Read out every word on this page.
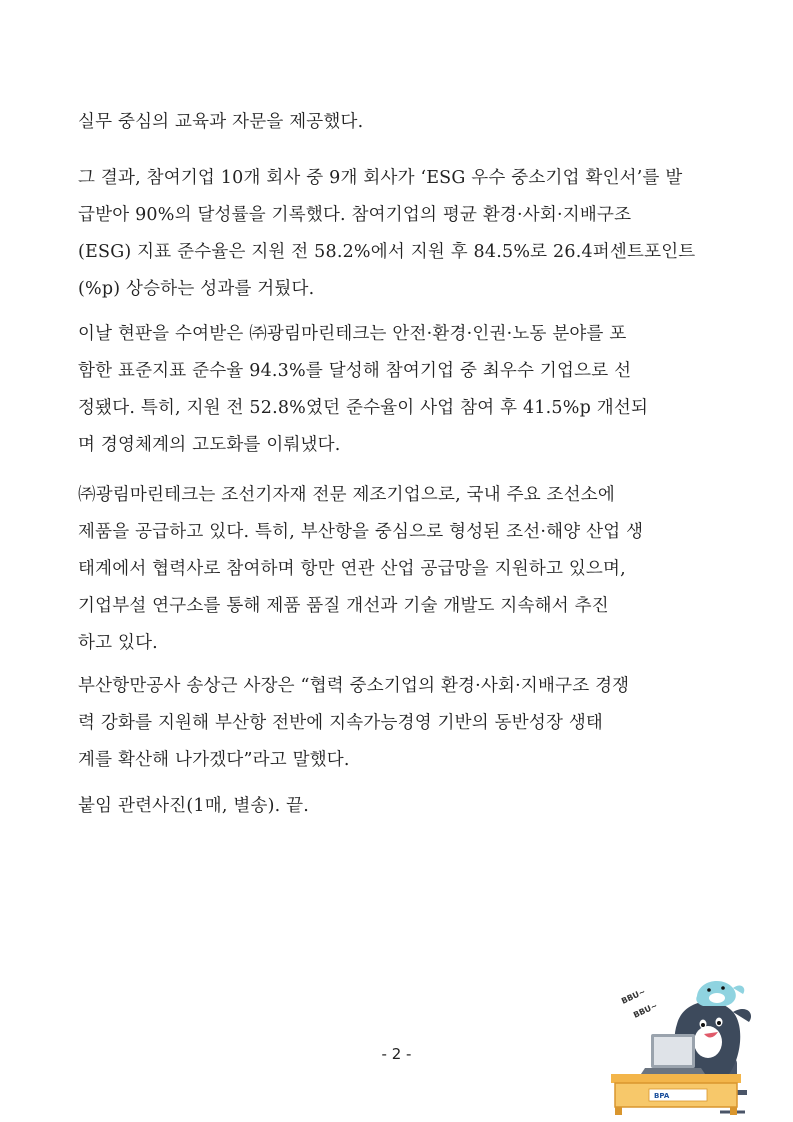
실무 중심의 교육과 자문을 제공했다.
그 결과, 참여기업 10개 회사 중 9개 회사가 ‘ESG 우수 중소기업 확인서’를 발
급받아 90%의 달성률을 기록했다. 참여기업의 평균 환경·사회·지배구조
(ESG) 지표 준수율은 지원 전 58.2%에서 지원 후 84.5%로 26.4퍼센트포인트
(%p) 상승하는 성과를 거뒀다.
이날 현판을 수여받은 ㈜광림마린테크는 안전·환경·인권·노동 분야를 포
함한 표준지표 준수율 94.3%를 달성해 참여기업 중 최우수 기업으로 선
정됐다. 특히, 지원 전 52.8%였던 준수율이 사업 참여 후 41.5%p 개선되
며 경영체계의 고도화를 이뤄냈다.
㈜광림마린테크는 조선기자재 전문 제조기업으로, 국내 주요 조선소에
제품을 공급하고 있다. 특히, 부산항을 중심으로 형성된 조선·해양 산업 생
태계에서 협력사로 참여하며 항만 연관 산업 공급망을 지원하고 있으며,
기업부설 연구소를 통해 제품 품질 개선과 기술 개발도 지속해서 추진
하고 있다.
부산항만공사 송상근 사장은 “협력 중소기업의 환경·사회·지배구조 경쟁
력 강화를 지원해 부산항 전반에 지속가능경영 기반의 동반성장 생태
계를 확산해 나가겠다”라고 말했다.
붙임 관련사진(1매, 별송). 끝.
BBU~
BBU~
BPA
- 2 -
